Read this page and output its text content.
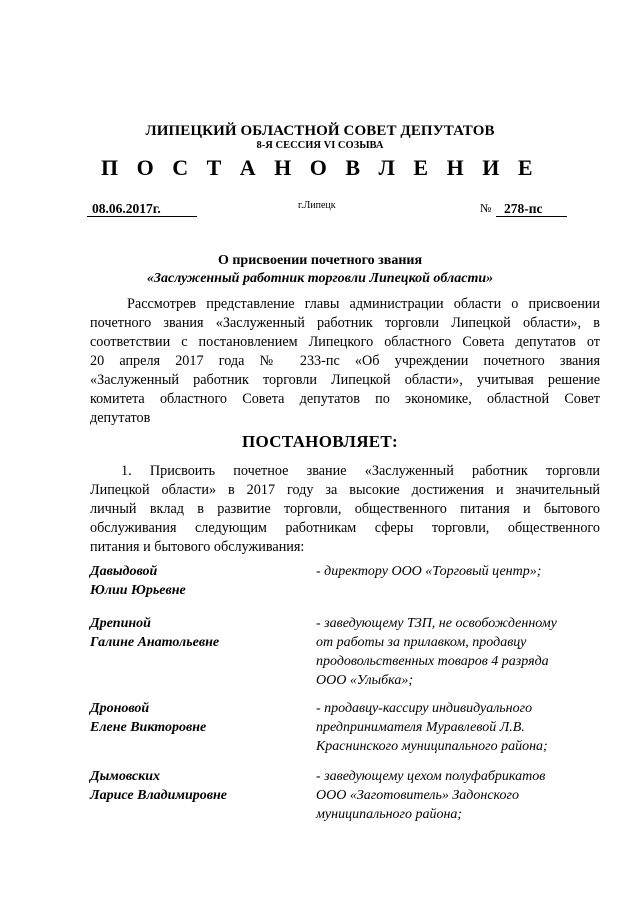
ЛИПЕЦКИЙ ОБЛАСТНОЙ СОВЕТ ДЕПУТАТОВ
8-Я СЕССИЯ VI СОЗЫВА
П О С Т А Н О В Л Е Н И Е
08.06.2017г.	г.Липецк	№ 278-пс
О присвоении почетного звания
«Заслуженный работник торговли Липецкой области»
Рассмотрев представление главы администрации области о присвоении
почетного звания «Заслуженный работник торговли Липецкой области», в
соответствии с постановлением Липецкого областного Совета депутатов от
20 апреля 2017 года № 233-пс «Об учреждении почетного звания
«Заслуженный работник торговли Липецкой области», учитывая решение
комитета областного Совета депутатов по экономике, областной Совет
депутатов
ПОСТАНОВЛЯЕТ:
1. Присвоить почетное звание «Заслуженный работник торговли
Липецкой области» в 2017 году за высокие достижения и значительный
личный вклад в развитие торговли, общественного питания и бытового
обслуживания следующим работникам сферы торговли, общественного
питания и бытового обслуживания:
Давыдовой
Юлии Юрьевне
- директору ООО «Торговый центр»;
Дрепиной
Галине Анатольевне
- заведующему ТЗП, не освобожденному
от работы за прилавком, продавцу
продовольственных товаров 4 разряда
ООО «Улыбка»;
Дроновой
Елене Викторовне
- продавцу-кассиру индивидуального
предпринимателя Муравлевой Л.В.
Краснинского муниципального района;
Дымовских
Ларисе Владимировне
- заведующему цехом полуфабрикатов
ООО «Заготовитель» Задонского
муниципального района;
